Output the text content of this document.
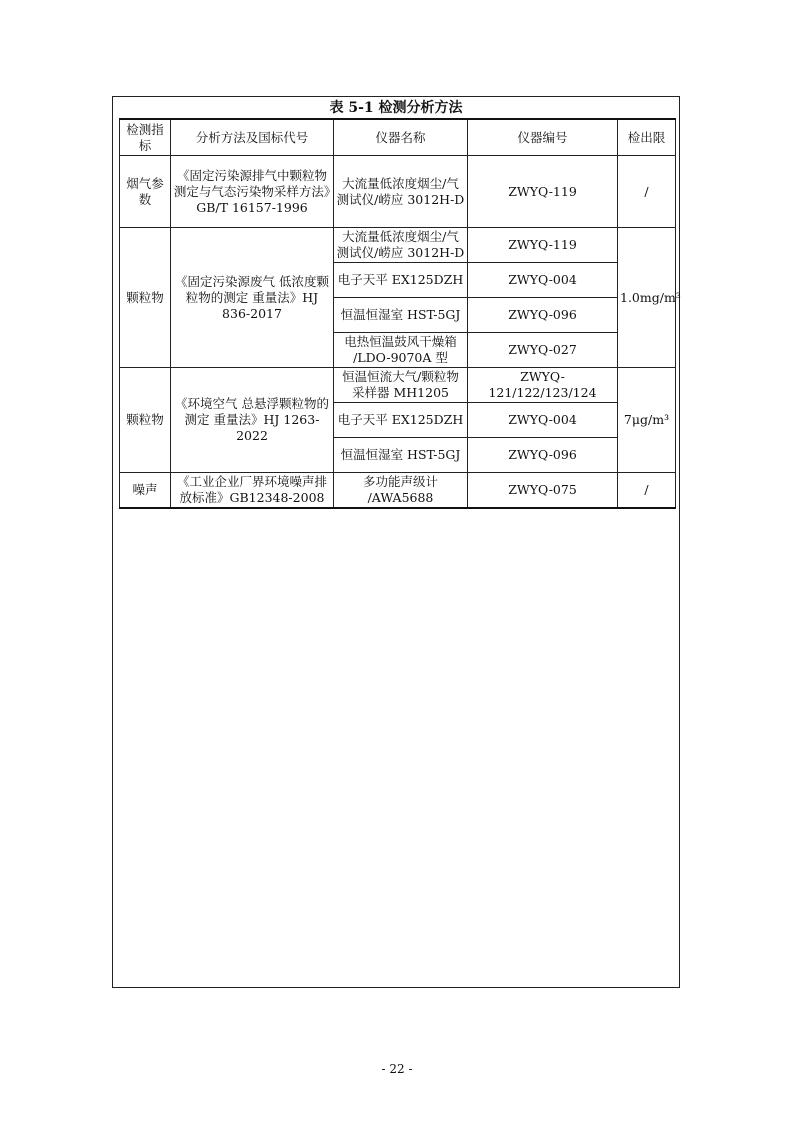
表 5-1 检测分析方法
检测指标	分析方法及国标代号	仪器名称	仪器编号	检出限
烟气参数	《固定污染源排气中颗粒物测定与气态污染物采样方法》GB/T 16157-1996	大流量低浓度烟尘/气测试仪/崂应 3012H-D	ZWYQ-119	/
颗粒物	《固定污染源废气 低浓度颗粒物的测定 重量法》HJ 836-2017	大流量低浓度烟尘/气测试仪/崂应 3012H-D	ZWYQ-119	1.0mg/m³
		电子天平 EX125DZH	ZWYQ-004	
		恒温恒湿室 HST-5GJ	ZWYQ-096	
		电热恒温鼓风干燥箱 /LDO-9070A 型	ZWYQ-027	
颗粒物	《环境空气 总悬浮颗粒物的测定 重量法》HJ 1263-2022	恒温恒流大气/颗粒物采样器 MH1205	ZWYQ-121/122/123/124	7μg/m³
		电子天平 EX125DZH	ZWYQ-004	
		恒温恒湿室 HST-5GJ	ZWYQ-096	
噪声	《工业企业厂界环境噪声排放标准》GB12348-2008	多功能声级计 /AWA5688	ZWYQ-075	/
- 22 -
